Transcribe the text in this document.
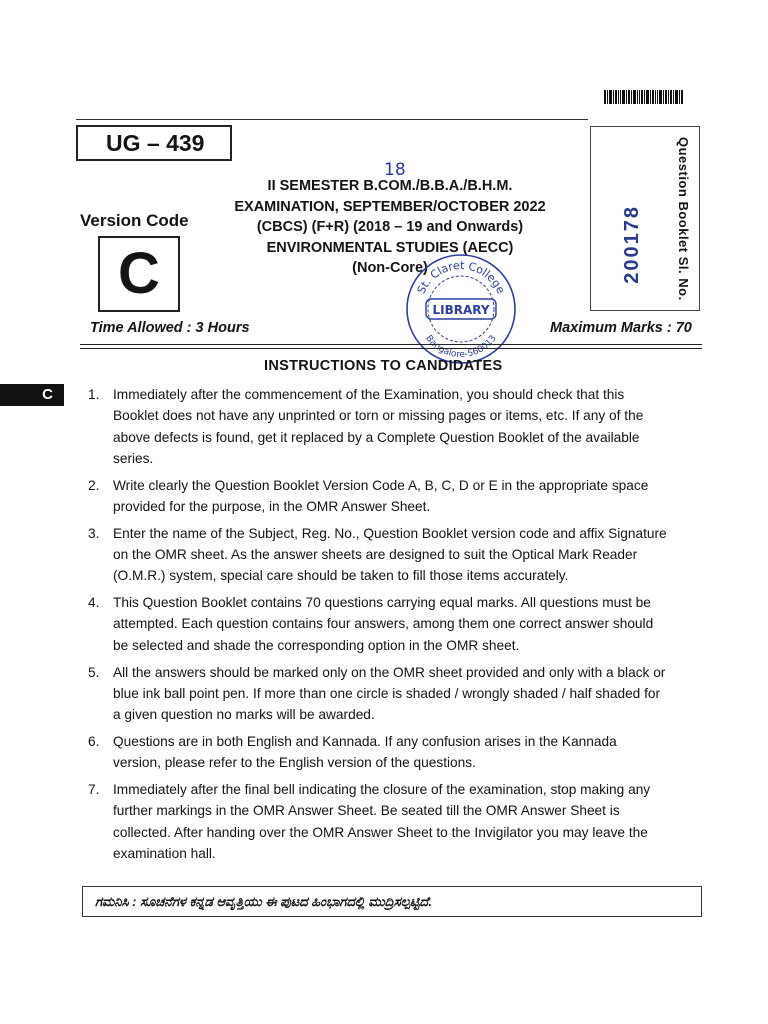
UG – 439
Version Code
C
18
II SEMESTER B.COM./B.B.A./B.H.M.
EXAMINATION, SEPTEMBER/OCTOBER 2022
(CBCS) (F+R) (2018 – 19 and Onwards)
ENVIRONMENTAL STUDIES (AECC)
(Non-Core)	Question Booklet Sl. No.
200178
St. Claret College
LIBRARY
Bangalore-560013
Time Allowed : 3 Hours	Maximum Marks : 70
INSTRUCTIONS TO CANDIDATES
C	1. Immediately after the commencement of the Examination, you should check that this Booklet does not have any unprinted or torn or missing pages or items, etc. If any of the above defects is found, get it replaced by a Complete Question Booklet of the available series.
2. Write clearly the Question Booklet Version Code A, B, C, D or E in the appropriate space provided for the purpose, in the OMR Answer Sheet.
3. Enter the name of the Subject, Reg. No., Question Booklet version code and affix Signature on the OMR sheet. As the answer sheets are designed to suit the Optical Mark Reader (O.M.R.) system, special care should be taken to fill those items accurately.
4. This Question Booklet contains 70 questions carrying equal marks. All questions must be attempted. Each question contains four answers, among them one correct answer should be selected and shade the corresponding option in the OMR sheet.
5. All the answers should be marked only on the OMR sheet provided and only with a black or blue ink ball point pen. If more than one circle is shaded / wrongly shaded / half shaded for a given question no marks will be awarded.
6. Questions are in both English and Kannada. If any confusion arises in the Kannada version, please refer to the English version of the questions.
7. Immediately after the final bell indicating the closure of the examination, stop making any further markings in the OMR Answer Sheet. Be seated till the OMR Answer Sheet is collected. After handing over the OMR Answer Sheet to the Invigilator you may leave the examination hall.
ಗಮನಿಸಿ : ಸೂಚನೆಗಳ ಕನ್ನಡ ಆವೃತ್ತಿಯು ಈ ಪುಟದ ಹಿಂಭಾಗದಲ್ಲಿ ಮುದ್ರಿಸಲ್ಪಟ್ಟಿದೆ.
